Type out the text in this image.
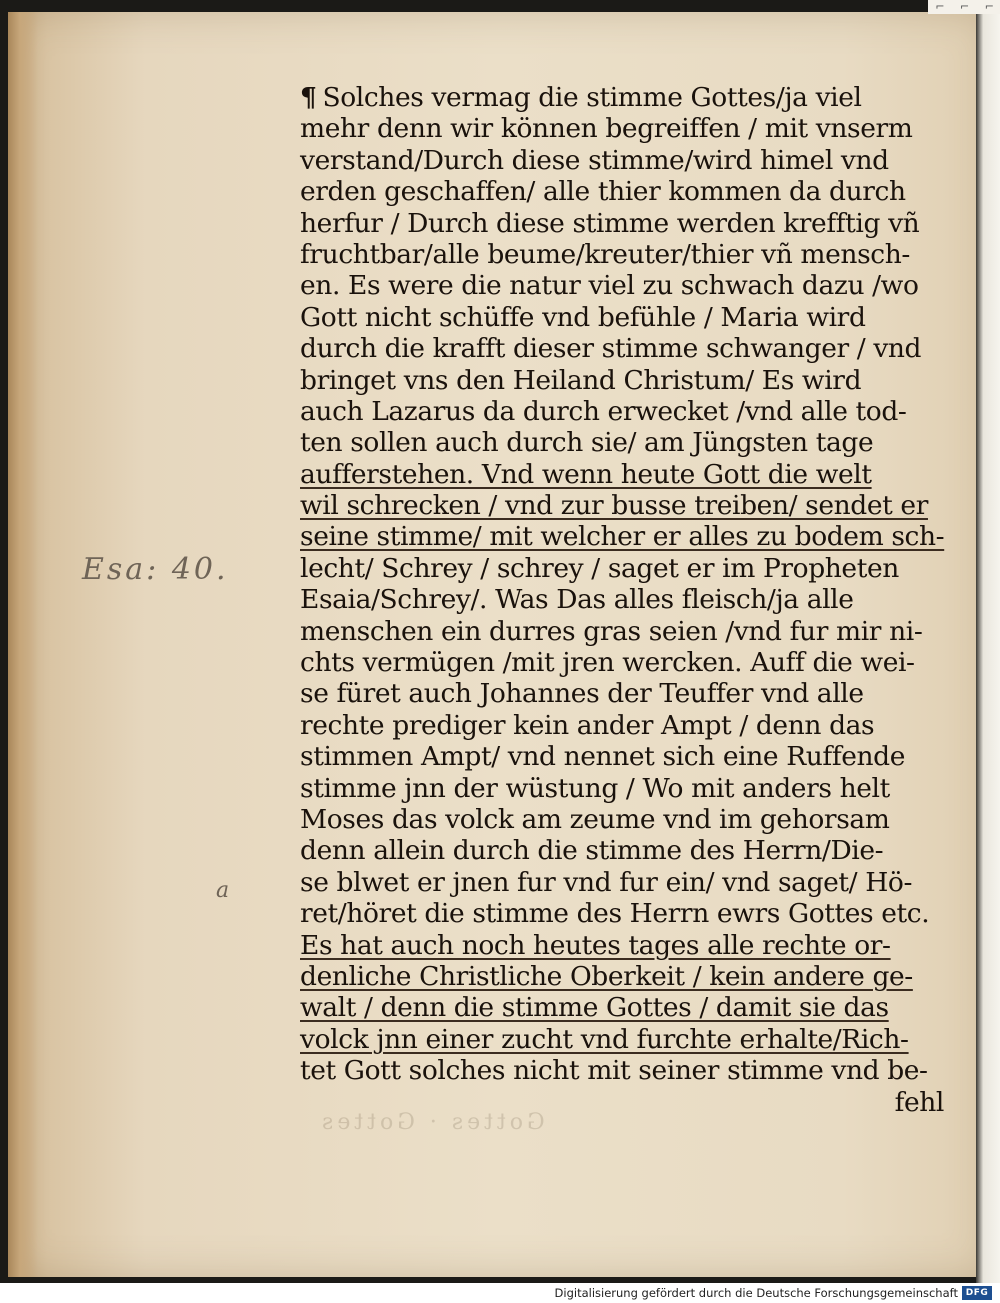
⌐ ⌐ ⌐
Gottes · Gottes
Esa: 40.
a
¶ Solches vermag die stimme Gottes/ja viel
mehr denn wir können begreiffen / mit vnserm
verstand/Durch diese stimme/wird himel vnd
erden geschaffen/ alle thier kommen da durch
herfur / Durch diese stimme werden krefftig vñ
fruchtbar/alle beume/kreuter/thier vñ mensch-
en. Es were die natur viel zu schwach dazu /wo
Gott nicht schüffe vnd befühle / Maria wird
durch die krafft dieser stimme schwanger / vnd
bringet vns den Heiland Christum/ Es wird
auch Lazarus da durch erwecket /vnd alle tod-
ten sollen auch durch sie/ am Jüngsten tage
aufferstehen. Vnd wenn heute Gott die welt
wil schrecken / vnd zur busse treiben/ sendet er
seine stimme/ mit welcher er alles zu bodem sch-
lecht/ Schrey / schrey / saget er im Propheten
Esaia/Schrey/. Was Das alles fleisch/ja alle
menschen ein durres gras seien /vnd fur mir ni-
chts vermügen /mit jren wercken. Auff die wei-
se füret auch Johannes der Teuffer vnd alle
rechte prediger kein ander Ampt / denn das
stimmen Ampt/ vnd nennet sich eine Ruffende
stimme jnn der wüstung / Wo mit anders helt
Moses das volck am zeume vnd im gehorsam
denn allein durch die stimme des Herrn/Die-
se blwet er jnen fur vnd fur ein/ vnd saget/ Hö-
ret/höret die stimme des Herrn ewrs Gottes etc.
Es hat auch noch heutes tages alle rechte or-
denliche Christliche Oberkeit / kein andere ge-
walt / denn die stimme Gottes / damit sie das
volck jnn einer zucht vnd furchte erhalte/Rich-
tet Gott solches nicht mit seiner stimme vnd be-
fehl
Digitalisierung gefördert durch die Deutsche Forschungsgemeinschaft DFG
